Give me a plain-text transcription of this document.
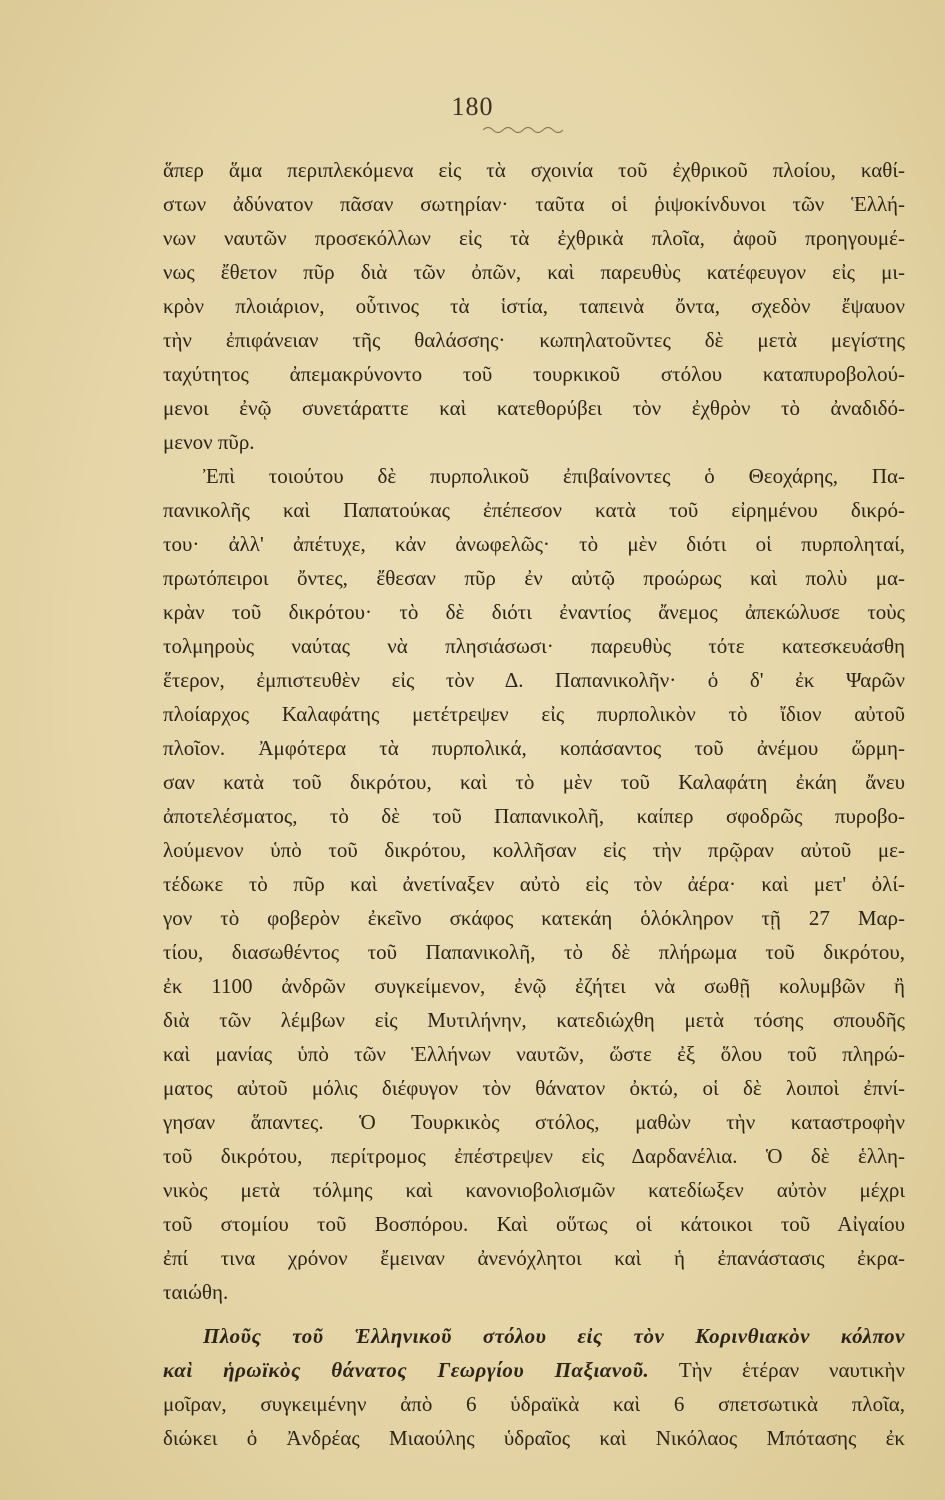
180
ἅπερ ἅμα περιπλεκόμενα εἰς τὰ σχοινία τοῦ ἐχθρικοῦ πλοίου, καθί-
στων ἀδύνατον πᾶσαν σωτηρίαν· ταῦτα οἱ ῥιψοκίνδυνοι τῶν Ἑλλή-
νων ναυτῶν προσεκόλλων εἰς τὰ ἐχθρικὰ πλοῖα, ἀφοῦ προηγουμέ-
νως ἔθετον πῦρ διὰ τῶν ὀπῶν, καὶ παρευθὺς κατέφευγον εἰς μι-
κρὸν πλοιάριον, οὗτινος τὰ ἱστία, ταπεινὰ ὄντα, σχεδὸν ἔψαυον
τὴν ἐπιφάνειαν τῆς θαλάσσης· κωπηλατοῦντες δὲ μετὰ μεγίστης
ταχύτητος ἀπεμακρύνοντο τοῦ τουρκικοῦ στόλου καταπυροβολού-
μενοι ἐνῷ συνετάραττε καὶ κατεθορύβει τὸν ἐχθρὸν τὸ ἀναδιδό-
μενον πῦρ.
Ἐπὶ τοιούτου δὲ πυρπολικοῦ ἐπιβαίνοντες ὁ Θεοχάρης, Πα-
πανικολῆς καὶ Παπατούκας ἐπέπεσον κατὰ τοῦ εἰρημένου δικρό-
του· ἀλλ' ἀπέτυχε, κἀν ἀνωφελῶς· τὸ μὲν διότι οἱ πυρποληταί,
πρωτόπειροι ὄντες, ἔθεσαν πῦρ ἐν αὐτῷ προώρως καὶ πολὺ μα-
κρὰν τοῦ δικρότου· τὸ δὲ διότι ἐναντίος ἄνεμος ἀπεκώλυσε τοὺς
τολμηροὺς ναύτας νὰ πλησιάσωσι· παρευθὺς τότε κατεσκευάσθη
ἕτερον, ἐμπιστευθὲν εἰς τὸν Δ. Παπανικολῆν· ὁ δ' ἐκ Ψαρῶν
πλοίαρχος Καλαφάτης μετέτρεψεν εἰς πυρπολικὸν τὸ ἴδιον αὐτοῦ
πλοῖον. Ἀμφότερα τὰ πυρπολικά, κοπάσαντος τοῦ ἀνέμου ὥρμη-
σαν κατὰ τοῦ δικρότου, καὶ τὸ μὲν τοῦ Καλαφάτη ἐκάη ἄνευ
ἀποτελέσματος, τὸ δὲ τοῦ Παπανικολῆ, καίπερ σφοδρῶς πυροβο-
λούμενον ὑπὸ τοῦ δικρότου, κολλῆσαν εἰς τὴν πρῷραν αὐτοῦ με-
τέδωκε τὸ πῦρ καὶ ἀνετίναξεν αὐτὸ εἰς τὸν ἀέρα· καὶ μετ' ὀλί-
γον τὸ φοβερὸν ἐκεῖνο σκάφος κατεκάη ὁλόκληρον τῇ 27 Μαρ-
τίου, διασωθέντος τοῦ Παπανικολῆ, τὸ δὲ πλήρωμα τοῦ δικρότου,
ἐκ 1100 ἀνδρῶν συγκείμενον, ἐνῷ ἐζήτει νὰ σωθῇ κολυμβῶν ἢ
διὰ τῶν λέμβων εἰς Μυτιλήνην, κατεδιώχθη μετὰ τόσης σπουδῆς
καὶ μανίας ὑπὸ τῶν Ἑλλήνων ναυτῶν, ὥστε ἐξ ὅλου τοῦ πληρώ-
ματος αὐτοῦ μόλις διέφυγον τὸν θάνατον ὀκτώ, οἱ δὲ λοιποὶ ἐπνί-
γησαν ἅπαντες. Ὁ Τουρκικὸς στόλος, μαθὼν τὴν καταστροφὴν
τοῦ δικρότου, περίτρομος ἐπέστρεψεν εἰς Δαρδανέλια. Ὁ δὲ ἑλλη-
νικὸς μετὰ τόλμης καὶ κανονιοβολισμῶν κατεδίωξεν αὐτὸν μέχρι
τοῦ στομίου τοῦ Βοσπόρου. Καὶ οὕτως οἱ κάτοικοι τοῦ Αἰγαίου
ἐπί τινα χρόνον ἔμειναν ἀνενόχλητοι καὶ ἡ ἐπανάστασις ἐκρα-
ταιώθη.
Πλοῦς τοῦ Ἑλληνικοῦ στόλου εἰς τὸν Κορινθιακὸν κόλπον
καὶ ἡρωϊκὸς θάνατος Γεωργίου Παξιανοῦ. Τὴν ἑτέραν ναυτικὴν
μοῖραν, συγκειμένην ἀπὸ 6 ὑδραϊκὰ καὶ 6 σπετσωτικὰ πλοῖα,
διώκει ὁ Ἀνδρέας Μιαούλης ὑδραῖος καὶ Νικόλαος Μπότασης ἐκ
